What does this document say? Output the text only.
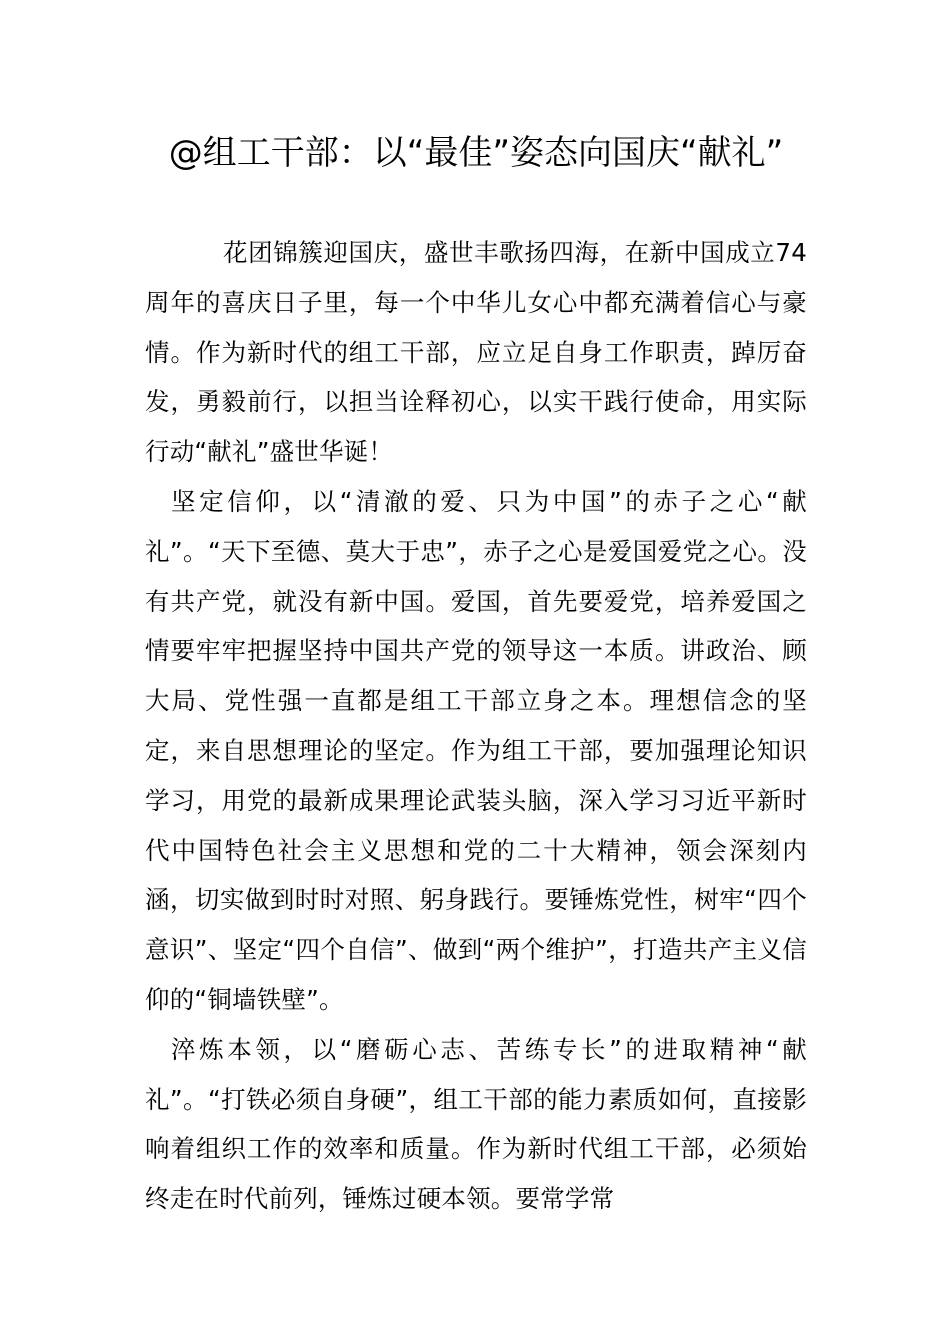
@组工干部：以“最佳”姿态向国庆“献礼”

花团锦簇迎国庆，盛世丰歌扬四海，在新中国成立74周年的喜庆日子里，每一个中华儿女心中都充满着信心与豪情。作为新时代的组工干部，应立足自身工作职责，踔厉奋发，勇毅前行，以担当诠释初心，以实干践行使命，用实际行动“献礼”盛世华诞！

坚定信仰，以“清澈的爱、只为中国”的赤子之心“献礼”。“天下至德、莫大于忠”，赤子之心是爱国爱党之心。没有共产党，就没有新中国。爱国，首先要爱党，培养爱国之情要牢牢把握坚持中国共产党的领导这一本质。讲政治、顾大局、党性强一直都是组工干部立身之本。理想信念的坚定，来自思想理论的坚定。作为组工干部，要加强理论知识学习，用党的最新成果理论武装头脑，深入学习习近平新时代中国特色社会主义思想和党的二十大精神，领会深刻内涵，切实做到时时对照、躬身践行。要锤炼党性，树牢“四个意识”、坚定“四个自信”、做到“两个维护”，打造共产主义信仰的“铜墙铁壁”。

淬炼本领，以“磨砺心志、苦练专长”的进取精神“献礼”。“打铁必须自身硬”，组工干部的能力素质如何，直接影响着组织工作的效率和质量。作为新时代组工干部，必须始终走在时代前列，锤炼过硬本领。要常学常
